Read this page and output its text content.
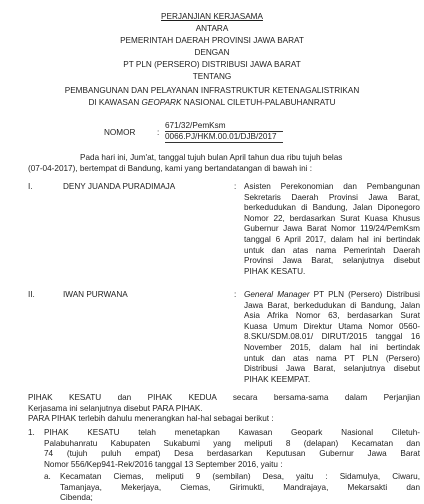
PERJANJIAN KERJASAMA
ANTARA
PEMERINTAH DAERAH PROVINSI JAWA BARAT
DENGAN
PT PLN (PERSERO) DISTRIBUSI JAWA BARAT
TENTANG
PEMBANGUNAN DAN PELAYANAN INFRASTRUKTUR KETENAGALISTRIKAN
DI KAWASAN GEOPARK NASIONAL CILETUH-PALABUHANRATU
NOMOR	:
671/32/PemKsm
0066.PJ/HKM.00.01/DJB/2017
Pada hari ini, Jum'at, tanggal tujuh bulan April tahun dua ribu tujuh belas
(07-04-2017), bertempat di Bandung, kami yang bertandatangan di bawah ini :
I.	DENY JUANDA PURADIMAJA	: Asisten Perekonomian dan Pembangunan
Sekretaris Daerah Provinsi Jawa Barat,
berkedudukan di Bandung, Jalan Diponegoro
Nomor 22, berdasarkan Surat Kuasa Khusus
Gubernur Jawa Barat Nomor 119/24/PemKsm
tanggal 6 April 2017, dalam hal ini bertindak
untuk dan atas nama Pemerintah Daerah
Provinsi Jawa Barat, selanjutnya disebut
PIHAK KESATU.
II.	IWAN PURWANA	: General Manager PT PLN (Persero) Distribusi
Jawa Barat, berkedudukan di Bandung, Jalan
Asia Afrika Nomor 63, berdasarkan Surat
Kuasa Umum Direktur Utama Nomor 0560-
8.SKU/SDM.08.01/ DIRUT/2015 tanggal 16
November 2015, dalam hal ini bertindak
untuk dan atas nama PT PLN (Persero)
Distribusi Jawa Barat, selanjutnya disebut
PIHAK KEEMPAT.
PIHAK KESATU dan PIHAK KEDUA secara bersama-sama dalam Perjanjian
Kerjasama ini selanjutnya disebut PARA PIHAK.
PARA PIHAK terlebih dahulu menerangkan hal-hal sebagai berikut :
1. PIHAK KESATU telah menetapkan Kawasan Geopark Nasional Ciletuh-
Palabuhanratu Kabupaten Sukabumi yang meliputi 8 (delapan) Kecamatan dan
74 (tujuh puluh empat) Desa berdasarkan Keputusan Gubernur Jawa Barat
Nomor 556/Kep941-Rek/2016 tanggal 13 September 2016, yaitu :
a. Kecamatan Ciemas, meliputi 9 (sembilan) Desa, yaitu : Sidamulya, Ciwaru,
Tamanjaya, Mekerjaya, Ciemas, Girimukti, Mandrajaya, Mekarsakti dan
Cibenda;
